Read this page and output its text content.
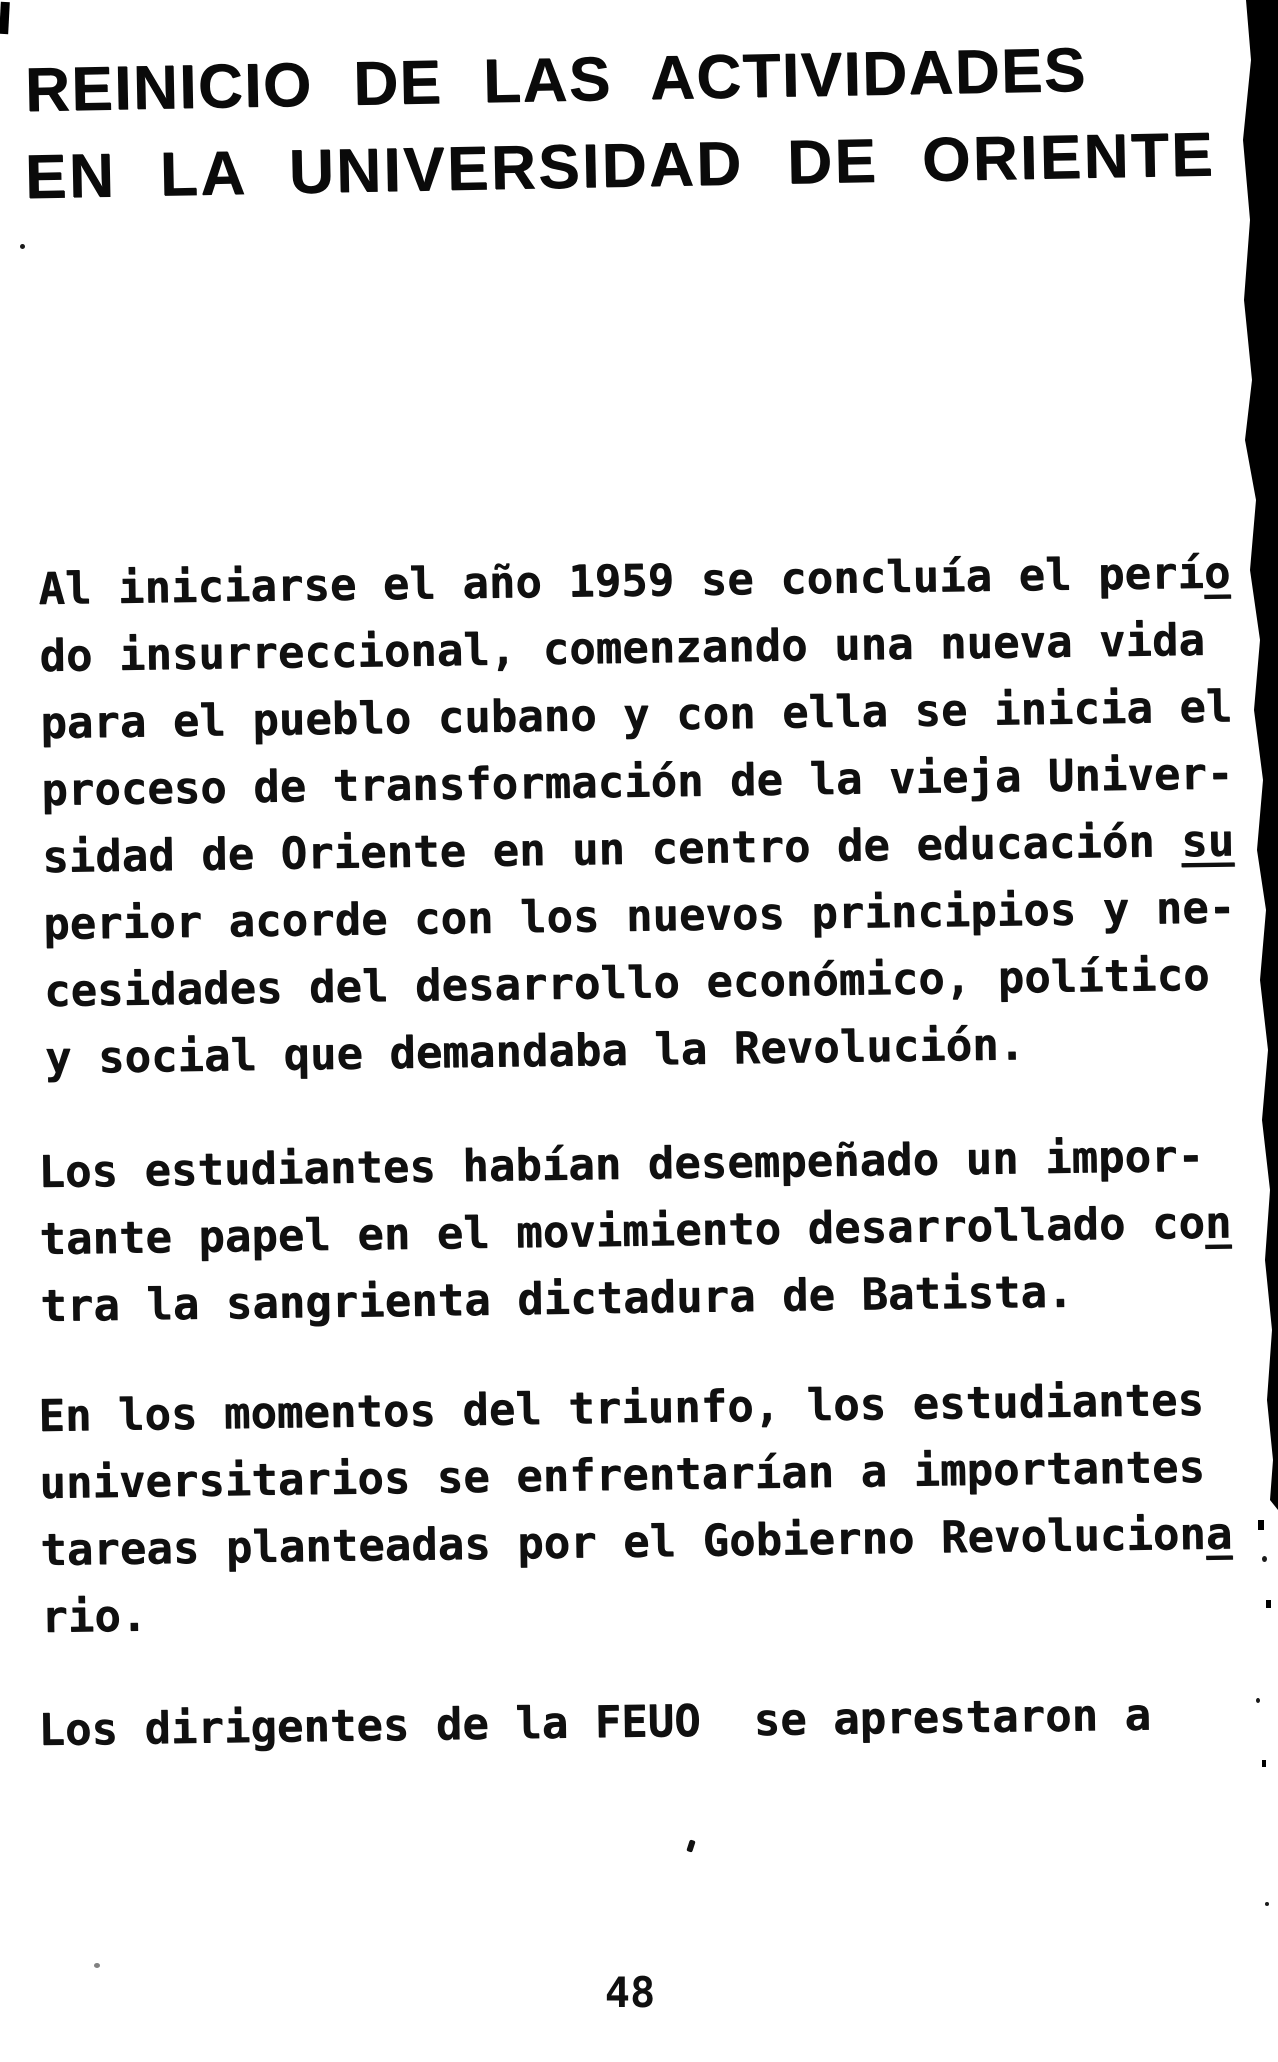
REINICIO DE LAS ACTIVIDADES
EN LA UNIVERSIDAD DE ORIENTE
Al iniciarse el año 1959 se concluía el perío
do insurreccional, comenzando una nueva vida
para el pueblo cubano y con ella se inicia el
proceso de transformación de la vieja Univer-
sidad de Oriente en un centro de educación su
perior acorde con los nuevos principios y ne-
cesidades del desarrollo económico, político
y social que demandaba la Revolución.
Los estudiantes habían desempeñado un impor-
tante papel en el movimiento desarrollado con
tra la sangrienta dictadura de Batista.
En los momentos del triunfo, los estudiantes
universitarios se enfrentarían a importantes
tareas planteadas por el Gobierno Revoluciona
rio.
Los dirigentes de la FEUO  se aprestaron a
48
